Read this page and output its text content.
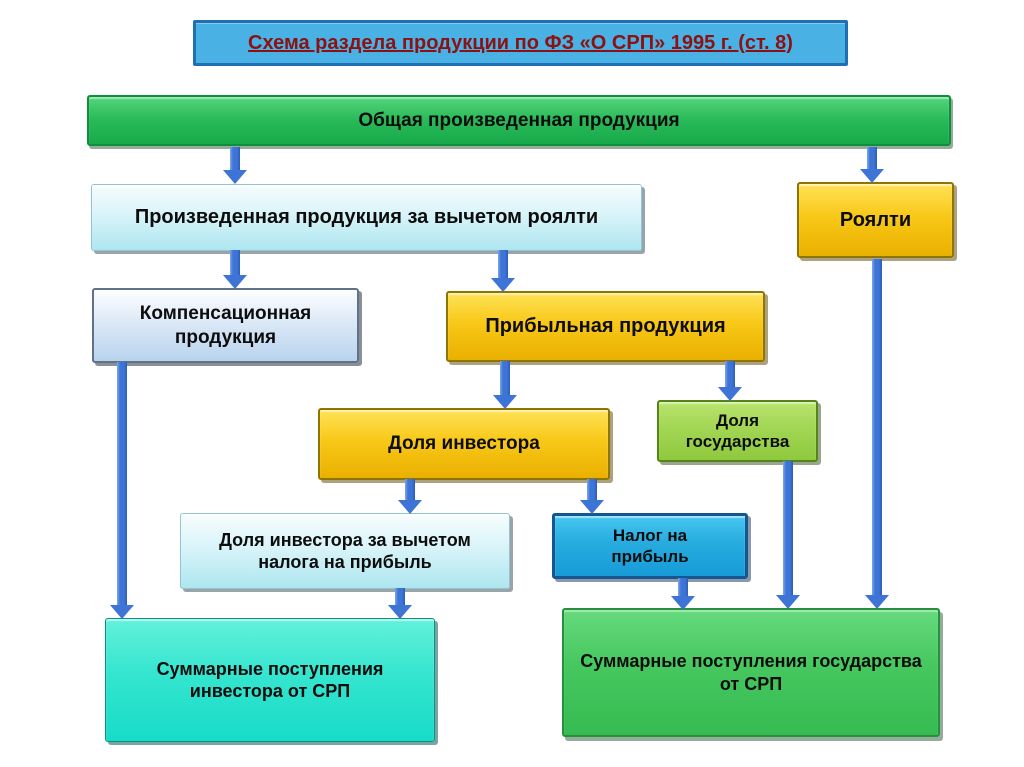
Схема раздела продукции по ФЗ «О СРП» 1995 г. (ст. 8)
Общая произведенная продукция
Произведенная продукция за вычетом роялти	Роялти
Компенсационная продукция	Прибыльная продукция
Доля инвестора
Доля государства
Доля инвестора за вычетом налога на прибыль
Налог на прибыль
Суммарные поступления инвестора от СРП
Суммарные поступления государства от СРП
